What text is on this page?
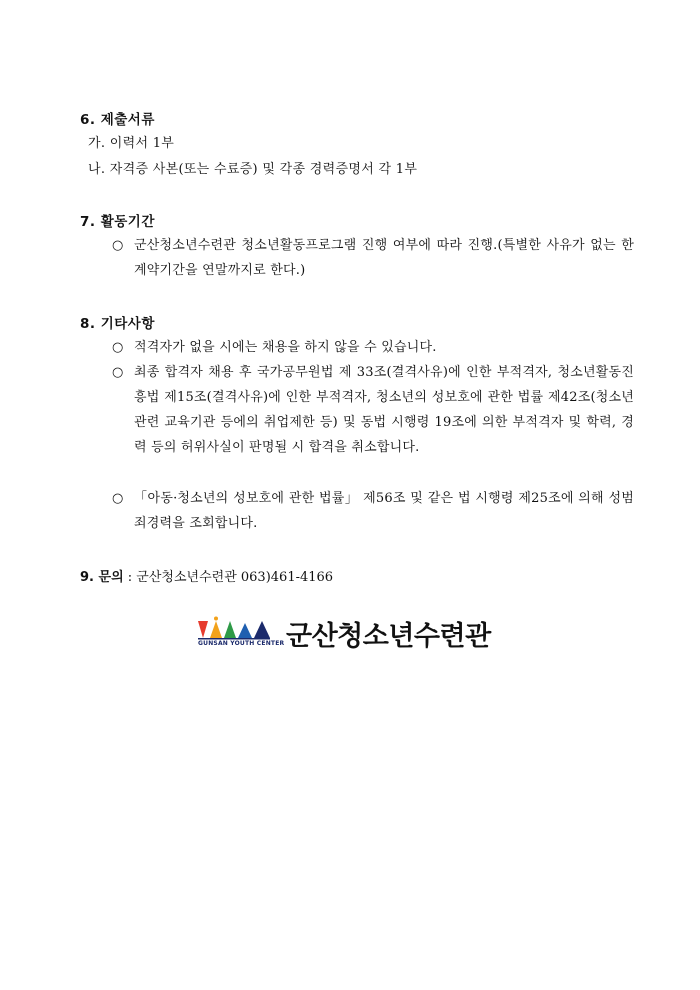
6. 제출서류
가. 이력서 1부
나. 자격증 사본(또는 수료증) 및 각종 경력증명서 각 1부
7. 활동기간
○ 군산청소년수련관 청소년활동프로그램 진행 여부에 따라 진행.(특별한 사유가 없는 한 계약기간을 연말까지로 한다.)
8. 기타사항
○ 적격자가 없을 시에는 채용을 하지 않을 수 있습니다.
○ 최종 합격자 채용 후 국가공무원법 제 33조(결격사유)에 인한 부적격자, 청소년활동진흥법 제15조(결격사유)에 인한 부적격자, 청소년의 성보호에 관한 법률 제42조(청소년 관련 교육기관 등에의 취업제한 등) 및 동법 시행령 19조에 의한 부적격자 및 학력, 경력 등의 허위사실이 판명될 시 합격을 취소합니다.
○ 「아동·청소년의 성보호에 관한 법률」 제56조 및 같은 법 시행령 제25조에 의해 성범죄경력을 조회합니다.
9. 문의 : 군산청소년수련관 063)461-4166
GUNSAN YOUTH CENTER 군산청소년수련관
